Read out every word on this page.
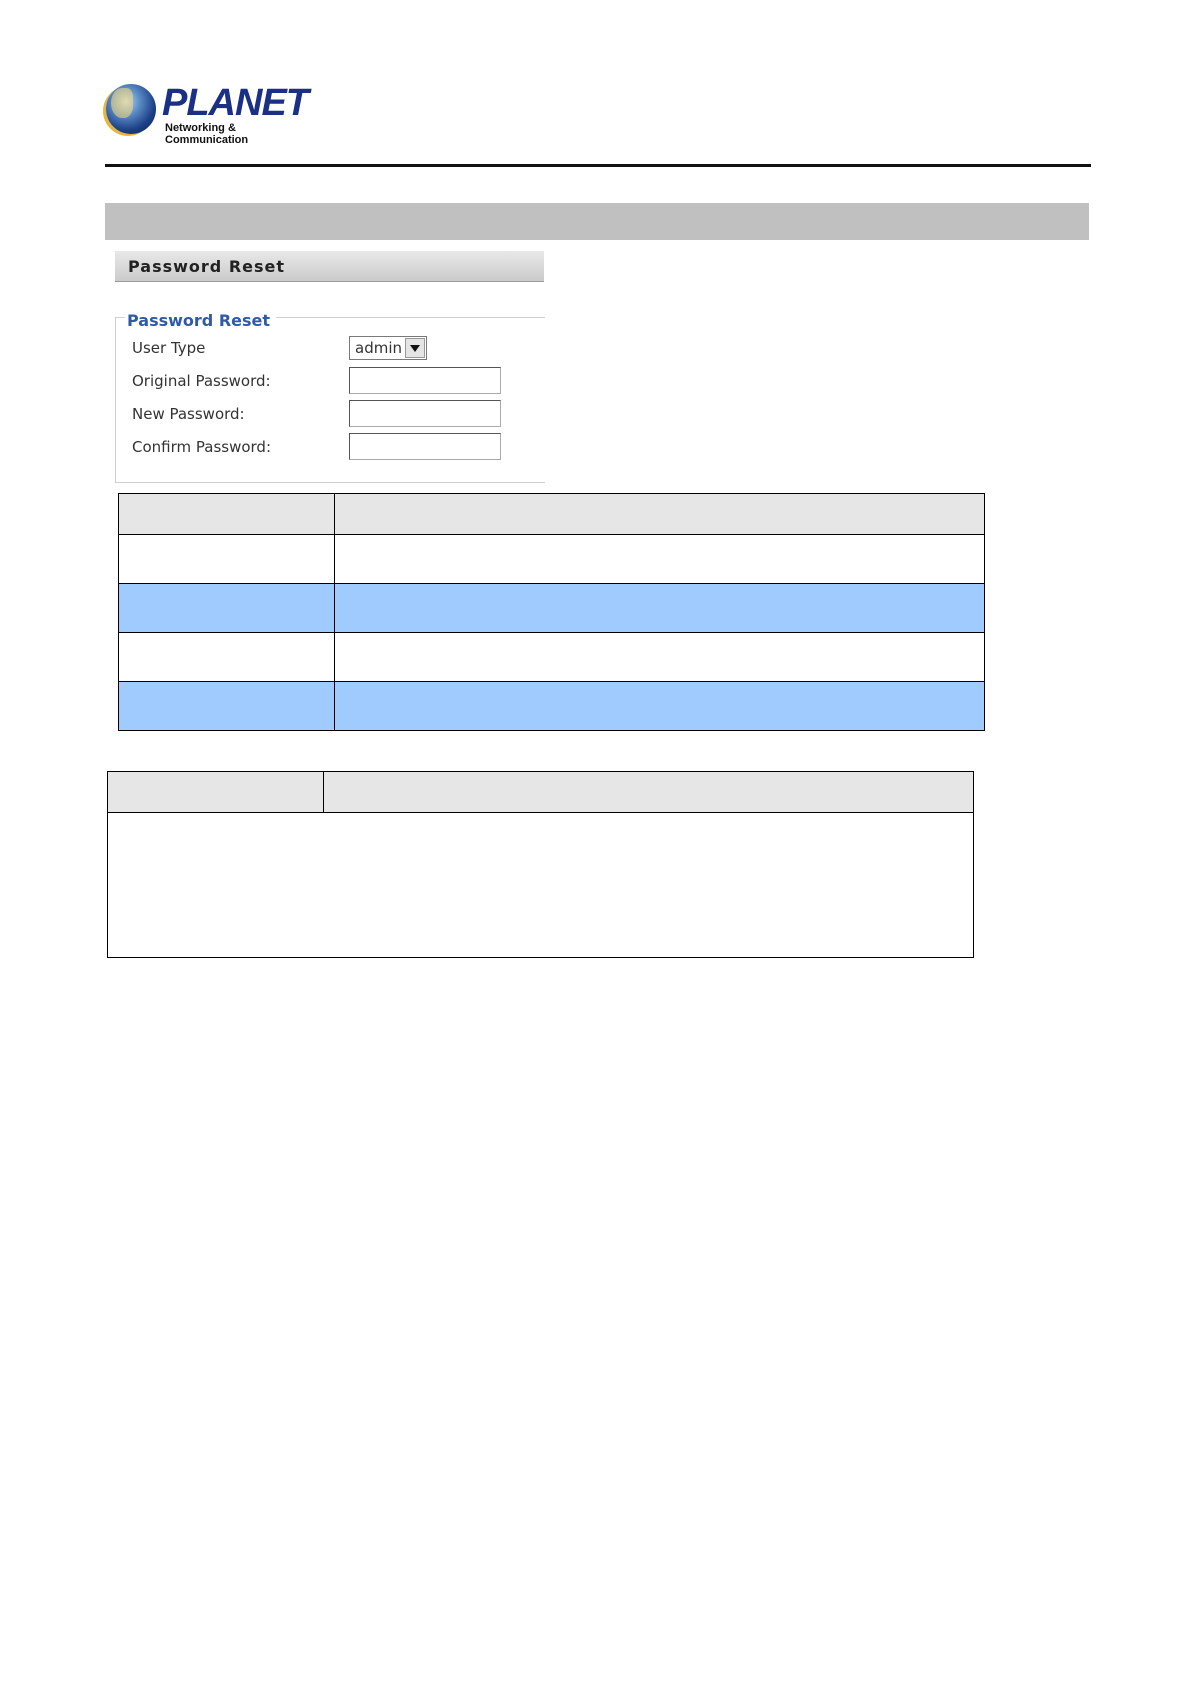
PLANET
Networking & Communication
Password Reset
Password Reset
User Type	admin
Original Password:
New Password:
Confirm Password:
